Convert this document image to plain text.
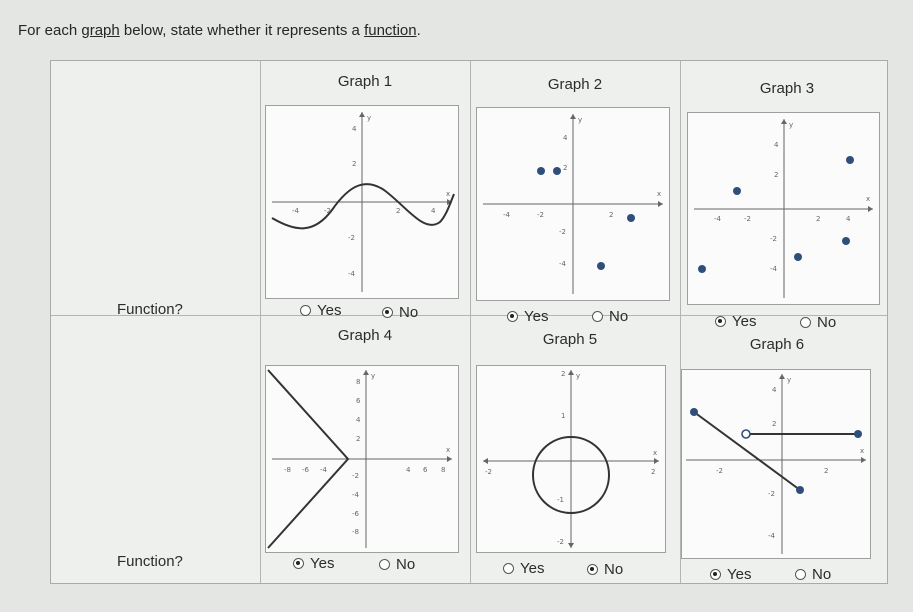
For each graph below, state whether it represents a function.
Graph 1	Graph 2	Graph 3
Graph 4	Graph 5	Graph 6
Function?
Function?
-4	-2	2	4
4
2
-2
-4
y
x
-4	-2	2
4
2
-2
-4
y
x
-4	-2	2	4
4
2
-2
-4
y
x
-8 -6 -4	4 6 8
8
6
4
2
-2
-4
-6
-8
y
x
-2	2
2
1
-1
-2
y
x
-2	2
4
2
-2
-4
y
x
Yes	No	Yes	No	Yes	No
Yes	No	Yes	No	Yes	No
